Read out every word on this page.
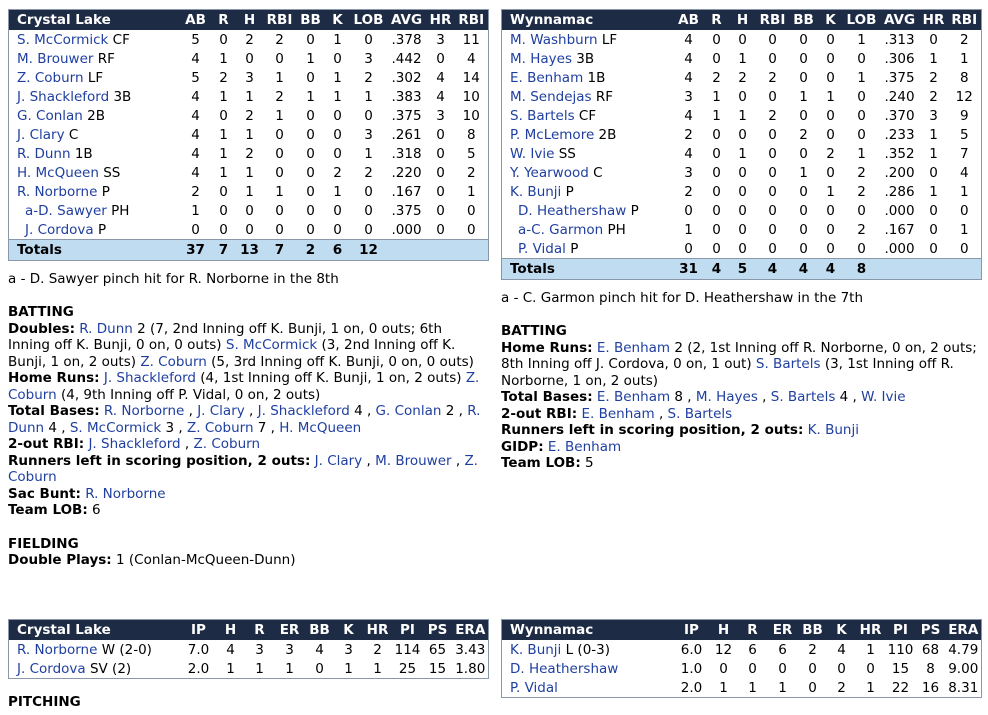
Crystal Lake	AB	R	H	RBI	BB	K	LOB	AVG	HR	RBI
S. McCormick CF	5	0	2	2	0	1	0	.378	3	11
M. Brouwer RF	4	1	0	0	1	0	3	.442	0	4
Z. Coburn LF	5	2	3	1	0	1	2	.302	4	14
J. Shackleford 3B	4	1	1	2	1	1	1	.383	4	10
G. Conlan 2B	4	0	2	1	0	0	0	.375	3	10
J. Clary C	4	1	1	0	0	0	3	.261	0	8
R. Dunn 1B	4	1	2	0	0	0	1	.318	0	5
H. McQueen SS	4	1	1	0	0	2	2	.220	0	2
R. Norborne P	2	0	1	1	0	1	0	.167	0	1
a-D. Sawyer PH	1	0	0	0	0	0	0	.375	0	0
J. Cordova P	0	0	0	0	0	0	0	.000	0	0
Totals	37	7	13	7	2	6	12			
a - D. Sawyer pinch hit for R. Norborne in the 8th
BATTING
Doubles: R. Dunn 2 (7, 2nd Inning off K. Bunji, 1 on, 0 outs; 6th Inning off K. Bunji, 0 on, 0 outs) S. McCormick (3, 2nd Inning off K. Bunji, 1 on, 2 outs) Z. Coburn (5, 3rd Inning off K. Bunji, 0 on, 0 outs)
Home Runs: J. Shackleford (4, 1st Inning off K. Bunji, 1 on, 2 outs) Z. Coburn (4, 9th Inning off P. Vidal, 0 on, 2 outs)
Total Bases: R. Norborne , J. Clary , J. Shackleford 4 , G. Conlan 2 , R. Dunn 4 , S. McCormick 3 , Z. Coburn 7 , H. McQueen
2-out RBI: J. Shackleford , Z. Coburn
Runners left in scoring position, 2 outs: J. Clary , M. Brouwer , Z. Coburn
Sac Bunt: R. Norborne
Team LOB: 6
FIELDING
Double Plays: 1 (Conlan-McQueen-Dunn)
Wynnamac	AB	R	H	RBI	BB	K	LOB	AVG	HR	RBI
M. Washburn LF	4	0	0	0	0	0	1	.313	0	2
M. Hayes 3B	4	0	1	0	0	0	0	.306	1	1
E. Benham 1B	4	2	2	2	0	0	1	.375	2	8
M. Sendejas RF	3	1	0	0	1	1	0	.240	2	12
S. Bartels CF	4	1	1	2	0	0	0	.370	3	9
P. McLemore 2B	2	0	0	0	2	0	0	.233	1	5
W. Ivie SS	4	0	1	0	0	2	1	.352	1	7
Y. Yearwood C	3	0	0	0	1	0	2	.200	0	4
K. Bunji P	2	0	0	0	0	1	2	.286	1	1
D. Heathershaw P	0	0	0	0	0	0	0	.000	0	0
a-C. Garmon PH	1	0	0	0	0	0	2	.167	0	1
P. Vidal P	0	0	0	0	0	0	0	.000	0	0
Totals	31	4	5	4	4	4	8			
a - C. Garmon pinch hit for D. Heathershaw in the 7th
BATTING
Home Runs: E. Benham 2 (2, 1st Inning off R. Norborne, 0 on, 2 outs; 8th Inning off J. Cordova, 0 on, 1 out) S. Bartels (3, 1st Inning off R. Norborne, 1 on, 2 outs)
Total Bases: E. Benham 8 , M. Hayes , S. Bartels 4 , W. Ivie
2-out RBI: E. Benham , S. Bartels
Runners left in scoring position, 2 outs: K. Bunji
GIDP: E. Benham
Team LOB: 5
Crystal Lake	IP	H	R	ER	BB	K	HR	PI	PS	ERA
R. Norborne W (2-0)	7.0	4	3	3	4	3	2	114	65	3.43
J. Cordova SV (2)	2.0	1	1	1	0	1	1	25	15	1.80
Wynnamac	IP	H	R	ER	BB	K	HR	PI	PS	ERA
K. Bunji L (0-3)	6.0	12	6	6	2	4	1	110	68	4.79
D. Heathershaw	1.0	0	0	0	0	0	0	15	8	9.00
P. Vidal	2.0	1	1	1	0	2	1	22	16	8.31
PITCHING
